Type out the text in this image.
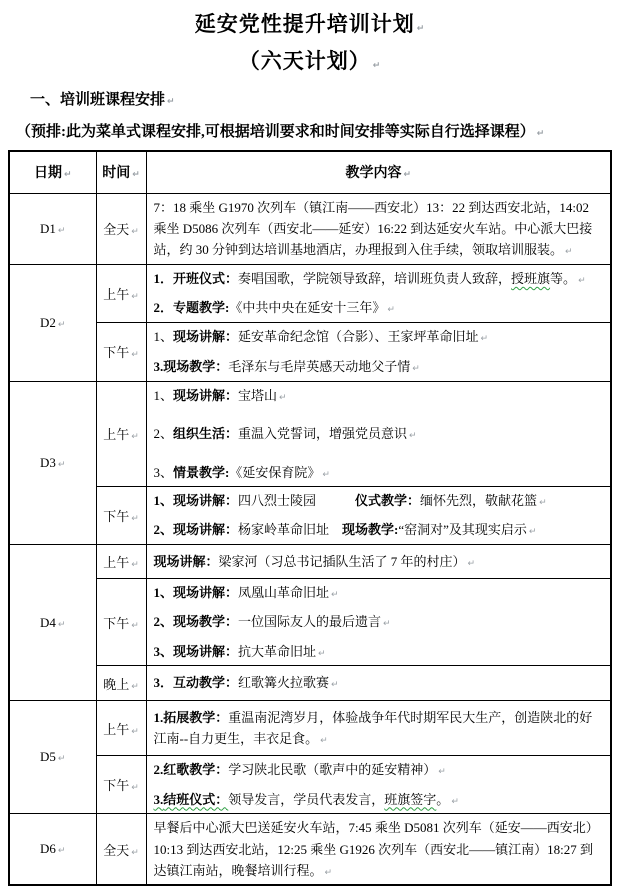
延安党性提升培训计划 ↵
（六天计划） ↵
一、培训班课程安排 ↵
（预排:此为菜单式课程安排,可根据培训要求和时间安排等实际自行选择课程） ↵
日期 ↵	时间 ↵	教学内容 ↵
D1 ↵	全天 ↵	7：18 乘坐 G1970 次列车（镇江南——西安北）13：22 到达西安北站，14:02 乘坐 D5086 次列车（西安北——延安）16:22 到达延安火车站。中心派大巴接站，约 30 分钟到达培训基地酒店，办理报到入住手续，领取培训服装。 ↵

D2 ↵	上午 ↵	1．开班仪式：奏唱国歌，学院领导致辞，培训班负责人致辞，授班旗等。 ↵
2．专题教学:《中共中央在延安十三年》 ↵

	下午 ↵	1、现场讲解：延安革命纪念馆（合影）、王家坪革命旧址 ↵
3.现场教学：毛泽东与毛岸英感天动地父子情 ↵

D3 ↵	上午 ↵	1、现场讲解：宝塔山 ↵
2、组织生活：重温入党誓词，增强党员意识 ↵
3、情景教学:《延安保育院》 ↵

	下午 ↵	1、现场讲解：四八烈士陵园　　　仪式教学：缅怀先烈，敬献花篮 ↵
2、现场讲解：杨家岭革命旧址　现场教学:“窑洞对”及其现实启示 ↵

D4 ↵	上午 ↵	现场讲解：梁家河（习总书记插队生活了 7 年的村庄） ↵

	下午 ↵	1、现场讲解：凤凰山革命旧址 ↵
2、现场教学：一位国际友人的最后遗言 ↵
3、现场讲解：抗大革命旧址 ↵

	晚上 ↵	3．互动教学：红歌篝火拉歌赛 ↵

D5 ↵	上午 ↵	1.拓展教学：重温南泥湾岁月，体验战争年代时期军民大生产，创造陕北的好江南--自力更生，丰衣足食。 ↵

	下午 ↵	2.红歌教学：学习陕北民歌（歌声中的延安精神） ↵
3.结班仪式：领导发言，学员代表发言，班旗签字。 ↵

D6 ↵	全天 ↵	早餐后中心派大巴送延安火车站，7:45 乘坐 D5081 次列车（延安——西安北）10:13 到达西安北站，12:25 乘坐 G1926 次列车（西安北——镇江南）18:27 到达镇江南站，晚餐培训行程。 ↵
